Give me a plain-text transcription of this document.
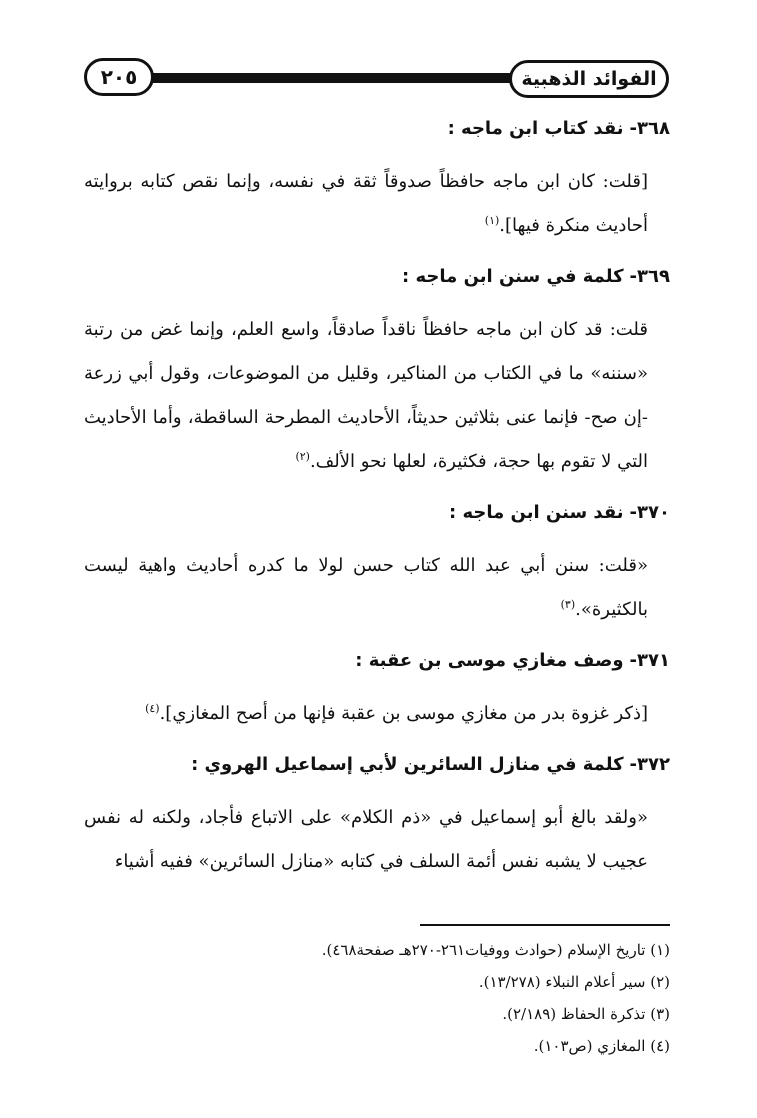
٢٠٥	الفوائد الذهبية
٣٦٨-نقد كتاب ابن ماجه :
[قلت: كان ابن ماجه حافظاً صدوقاً ثقة في نفسه، وإنما نقص كتابه بروايته أحاديث منكرة فيها].$^{(١)}$
٣٦٩-كلمة في سنن ابن ماجه :
قلت: قد كان ابن ماجه حافظاً ناقداً صادقاً، واسع العلم، وإنما غض من رتبة «سننه» ما في الكتاب من المناكير، وقليل من الموضوعات، وقول أبي زرعة -إن صح- فإنما عنى بثلاثين حديثاً، الأحاديث المطرحة الساقطة، وأما الأحاديث التي لا تقوم بها حجة، فكثيرة، لعلها نحو الألف.$^{(٢)}$
٣٧٠-نقد سنن ابن ماجه :
«قلت: سنن أبي عبد الله كتاب حسن لولا ما كدره أحاديث واهية ليست بالكثيرة».$^{(٣)}$
٣٧١-وصف مغازي موسى بن عقبة :
[ذكر غزوة بدر من مغازي موسى بن عقبة فإنها من أصح المغازي].$^{(٤)}$
٣٧٢-كلمة في منازل السائرين لأبي إسماعيل الهروي :
«ولقد بالغ أبو إسماعيل في «ذم الكلام» على الاتباع فأجاد، ولكنه له نفس عجيب لا يشبه نفس أئمة السلف في كتابه «منازل السائرين» ففيه أشياء
(١) تاريخ الإسلام (حوادث ووفيات٢٦١-٢٧٠هـ صفحة٤٦٨).
(٢) سير أعلام النبلاء (١٣/٢٧٨).
(٣) تذكرة الحفاظ (٢/١٨٩).
(٤) المغازي (ص١٠٣).
